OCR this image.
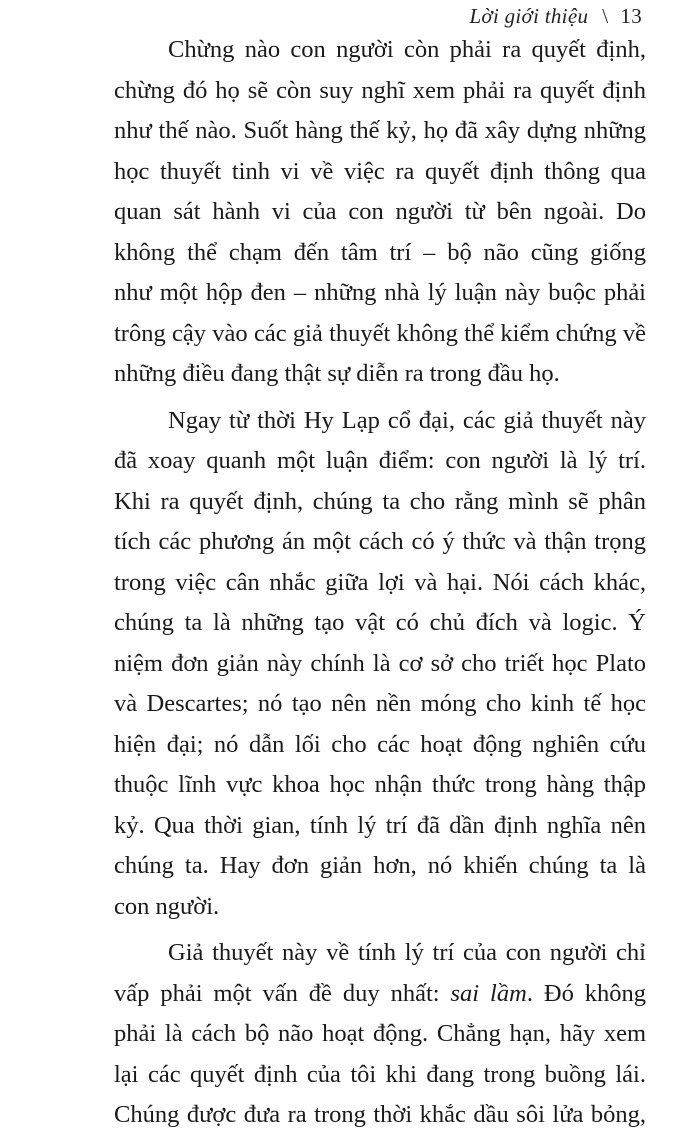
Lời giới thiệu \ 13
Chừng nào con người còn phải ra quyết định,
chừng đó họ sẽ còn suy nghĩ xem phải ra quyết định
như thế nào. Suốt hàng thế kỷ, họ đã xây dựng những
học thuyết tinh vi về việc ra quyết định thông qua
quan sát hành vi của con người từ bên ngoài. Do
không thể chạm đến tâm trí – bộ não cũng giống
như một hộp đen – những nhà lý luận này buộc phải
trông cậy vào các giả thuyết không thể kiểm chứng về
những điều đang thật sự diễn ra trong đầu họ.
Ngay từ thời Hy Lạp cổ đại, các giả thuyết này
đã xoay quanh một luận điểm: con người là lý trí.
Khi ra quyết định, chúng ta cho rằng mình sẽ phân
tích các phương án một cách có ý thức và thận trọng
trong việc cân nhắc giữa lợi và hại. Nói cách khác,
chúng ta là những tạo vật có chủ đích và logic. Ý
niệm đơn giản này chính là cơ sở cho triết học Plato
và Descartes; nó tạo nên nền móng cho kinh tế học
hiện đại; nó dẫn lối cho các hoạt động nghiên cứu
thuộc lĩnh vực khoa học nhận thức trong hàng thập
kỷ. Qua thời gian, tính lý trí đã dần định nghĩa nên
chúng ta. Hay đơn giản hơn, nó khiến chúng ta là
con người.
Giả thuyết này về tính lý trí của con người chỉ
vấp phải một vấn đề duy nhất: sai lầm. Đó không
phải là cách bộ não hoạt động. Chẳng hạn, hãy xem
lại các quyết định của tôi khi đang trong buồng lái.
Chúng được đưa ra trong thời khắc dầu sôi lửa bỏng,
